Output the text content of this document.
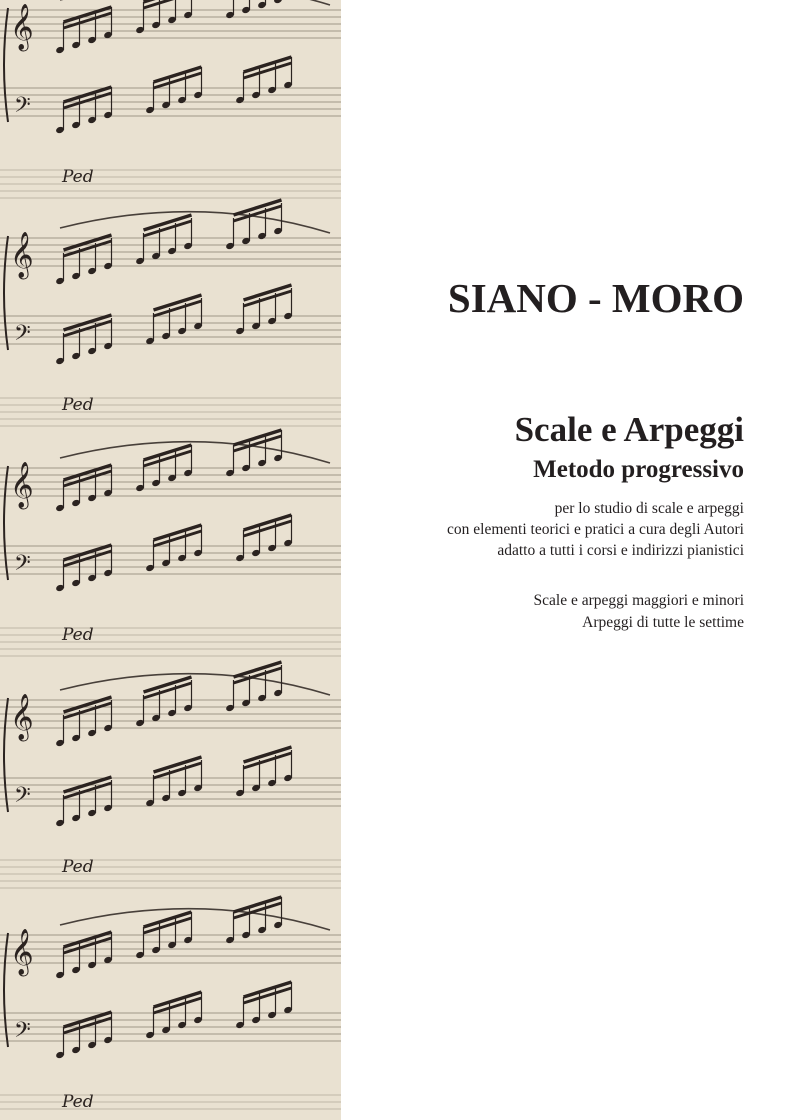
𝄞
𝄢
Ped
𝄞
𝄢
Ped
𝄞
𝄢
Ped
𝄞
𝄢
Ped
𝄞
𝄢
Ped
SIANO - MORO
Scale e Arpeggi
Metodo progressivo
per lo studio di scale e arpeggi
con elementi teorici e pratici a cura degli Autori
adatto a tutti i corsi e indirizzi pianistici
Scale e arpeggi maggiori e minori
Arpeggi di tutte le settime
